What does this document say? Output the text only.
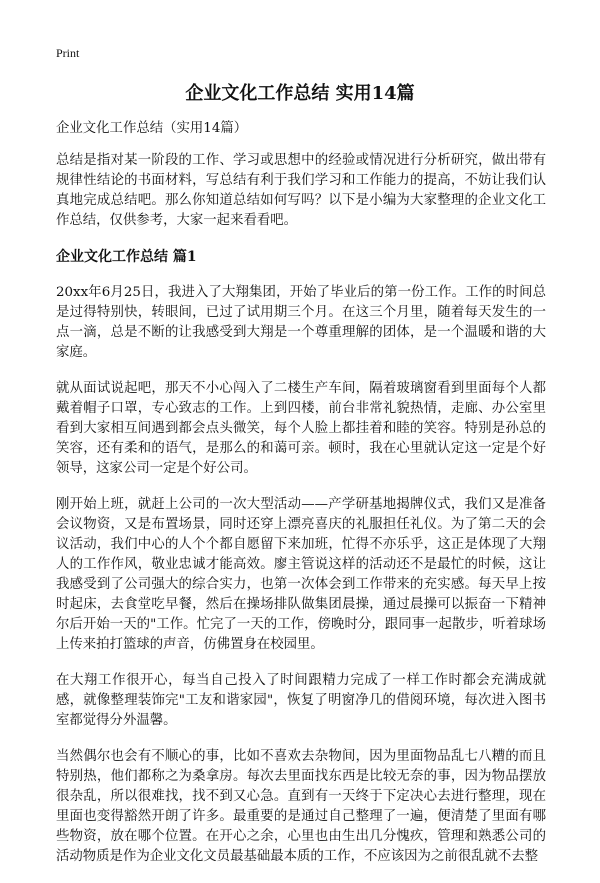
Print
企业文化工作总结 实用14篇

企业文化工作总结（实用14篇）

总结是指对某一阶段的工作、学习或思想中的经验或情况进行分析研究，做出带有规律性结论的书面材料，写总结有利于我们学习和工作能力的提高，不妨让我们认真地完成总结吧。那么你知道总结如何写吗？以下是小编为大家整理的企业文化工作总结，仅供参考，大家一起来看看吧。

企业文化工作总结 篇1

20xx年6月25日，我进入了大翔集团，开始了毕业后的第一份工作。工作的时间总是过得特别快，转眼间，已过了试用期三个月。在这三个月里，随着每天发生的一点一滴，总是不断的让我感受到大翔是一个尊重理解的团体，是一个温暖和谐的大家庭。

就从面试说起吧，那天不小心闯入了二楼生产车间，隔着玻璃窗看到里面每个人都戴着帽子口罩，专心致志的工作。上到四楼，前台非常礼貌热情，走廊、办公室里看到大家相互间遇到都会点头微笑，每个人脸上都挂着和睦的笑容。特别是孙总的笑容，还有柔和的语气，是那么的和蔼可亲。顿时，我在心里就认定这一定是个好领导，这家公司一定是个好公司。

刚开始上班，就赶上公司的一次大型活动——产学研基地揭牌仪式，我们又是准备会议物资，又是布置场景，同时还穿上漂亮喜庆的礼服担任礼仪。为了第二天的会议活动，我们中心的人个个都自愿留下来加班，忙得不亦乐乎，这正是体现了大翔人的工作作风，敬业忠诚才能高效。廖主管说这样的活动还不是最忙的时候，这让我感受到了公司强大的综合实力，也第一次体会到工作带来的充实感。每天早上按时起床，去食堂吃早餐，然后在操场排队做集团晨操，通过晨操可以振奋一下精神尔后开始一天的"工作。忙完了一天的工作，傍晚时分，跟同事一起散步，听着球场上传来拍打篮球的声音，仿佛置身在校园里。

在大翔工作很开心，每当自己投入了时间跟精力完成了一样工作时都会充满成就感，就像整理装饰完"工友和谐家园"，恢复了明窗净几的借阅环境，每次进入图书室都觉得分外温馨。

当然偶尔也会有不顺心的事，比如不喜欢去杂物间，因为里面物品乱七八糟的而且特别热，他们都称之为桑拿房。每次去里面找东西是比较无奈的事，因为物品摆放很杂乱，所以很难找，找不到又心急。直到有一天终于下定决心去进行整理，现在里面也变得豁然开朗了许多。最重要的是通过自己整理了一遍，便清楚了里面有哪些物资，放在哪个位置。在开心之余，心里也由生出几分愧疚，管理和熟悉公司的活动物质是作为企业文化文员最基础最本质的工作，不应该因为之前很乱就不去整
